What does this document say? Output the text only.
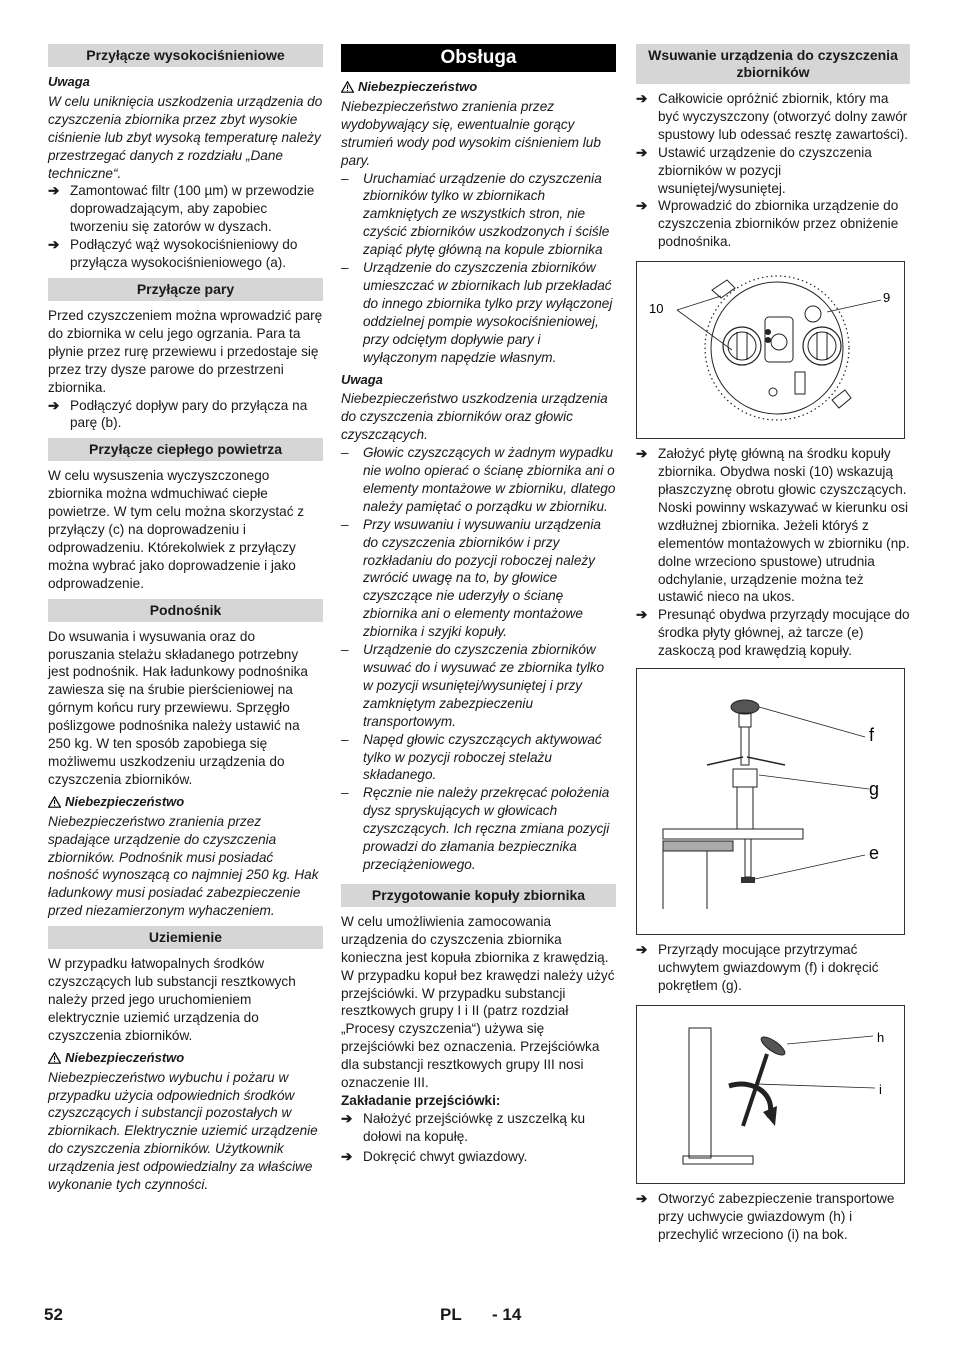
Przyłącze wysokociśnieniowe
Uwaga
W celu uniknięcia uszkodzenia urządzenia do czyszczenia zbiornika przez zbyt wysokie ciśnienie lub zbyt wysoką temperaturę należy przestrzegać danych z rozdziału „Dane techniczne“.
➔ Zamontować filtr (100 µm) w przewodzie doprowadzającym, aby zapobiec tworzeniu się zatorów w dyszach.
➔ Podłączyć wąż wysokociśnieniowy do przyłącza wysokociśnieniowego (a).
Przyłącze pary
Przed czyszczeniem można wprowadzić parę do zbiornika w celu jego ogrzania. Para ta płynie przez rurę przewiewu i przedostaje się przez trzy dysze parowe do przestrzeni zbiornika.
➔ Podłączyć dopływ pary do przyłącza na parę (b).
Przyłącze ciepłego powietrza
W celu wysuszenia wyczyszczonego zbiornika można wdmuchiwać ciepłe powietrze. W tym celu można skorzystać z przyłączy (c) na doprowadzeniu i odprowadzeniu. Którekolwiek z przyłączy można wybrać jako doprowadzenie i jako odprowadzenie.
Podnośnik
Do wsuwania i wysuwania oraz do poruszania stelażu składanego potrzebny jest podnośnik. Hak ładunkowy podnośnika zawiesza się na śrubie pierścieniowej na górnym końcu rury przewiewu. Sprzęgło poślizgowe podnośnika należy ustawić na 250 kg. W ten sposób zapobiega się możliwemu uszkodzeniu urządzenia do czyszczenia zbiorników.
Niebezpieczeństwo
Niebezpieczeństwo zranienia przez spadające urządzenie do czyszczenia zbiorników. Podnośnik musi posiadać nośność wynoszącą co najmniej 250 kg. Hak ładunkowy musi posiadać zabezpieczenie przed niezamierzonym wyhaczeniem.
Uziemienie
W przypadku łatwopalnych środków czyszczących lub substancji resztkowych należy przed jego uruchomieniem elektrycznie uziemić urządzenia do czyszczenia zbiorników.
Niebezpieczeństwo
Niebezpieczeństwo wybuchu i pożaru w przypadku użycia odpowiednich środków czyszczących i substancji pozostałych w zbiornikach. Elektrycznie uziemić urządzenie do czyszczenia zbiorników. Użytkownik urządzenia jest odpowiedzialny za właściwe wykonanie tych czynności.
Obsługa
Niebezpieczeństwo
Niebezpieczeństwo zranienia przez wydobywający się, ewentualnie gorący strumień wody pod wysokim ciśnieniem lub pary.
– Uruchamiać urządzenie do czyszczenia zbiorników tylko w zbiornikach zamkniętych ze wszystkich stron, nie czyścić zbiorników uszkodzonych i ściśle zapiąć płytę główną na kopule zbiornika
– Urządzenie do czyszczenia zbiorników umieszczać w zbiornikach lub przekładać do innego zbiornika tylko przy wyłączonej oddzielnej pompie wysokociśnieniowej, przy odciętym dopływie pary i wyłączonym napędzie własnym.
Uwaga
Niebezpieczeństwo uszkodzenia urządzenia do czyszczenia zbiorników oraz głowic czyszczących.
– Głowic czyszczących w żadnym wypadku nie wolno opierać o ścianę zbiornika ani o elementy montażowe w zbiorniku, dlatego należy pamiętać o porządku w zbiorniku.
– Przy wsuwaniu i wysuwaniu urządzenia do czyszczenia zbiorników i przy rozkładaniu do pozycji roboczej należy zwrócić uwagę na to, by głowice czyszczące nie uderzyły o ścianę zbiornika ani o elementy montażowe zbiornika i szyjki kopuły.
– Urządzenie do czyszczenia zbiorników wsuwać do i wysuwać ze zbiornika tylko w pozycji wsuniętej/wysuniętej i przy zamkniętym zabezpieczeniu transportowym.
– Napęd głowic czyszczących aktywować tylko w pozycji roboczej stelażu składanego.
– Ręcznie nie należy przekręcać położenia dysz spryskujących w głowicach czyszczących. Ich ręczna zmiana pozycji prowadzi do złamania bezpiecznika przeciążeniowego.
Przygotowanie kopuły zbiornika
W celu umożliwienia zamocowania urządzenia do czyszczenia zbiornika konieczna jest kopuła zbiornika z krawędzią. W przypadku kopuł bez krawędzi należy użyć przejściówki. W przypadku substancji resztkowych grupy I i II (patrz rozdział „Procesy czyszczenia“) używa się przejściówki bez oznaczenia. Przejściówka dla substancji resztkowych grupy III nosi oznaczenie III.
Zakładanie przejściówki:
➔ Nałożyć przejściówkę z uszczelką ku dołowi na kopułę.
➔ Dokręcić chwyt gwiazdowy.
Wsuwanie urządzenia do czyszczenia zbiorników
➔ Całkowicie opróżnić zbiornik, który ma być wyczyszczony (otworzyć dolny zawór spustowy lub odessać resztę zawartości).
➔ Ustawić urządzenie do czyszczenia zbiorników w pozycji wsuniętej/wysuniętej.
➔ Wprowadzić do zbiornika urządzenie do czyszczenia zbiorników przez obniżenie podnośnika.
10
9
➔ Założyć płytę główną na środku kopuły zbiornika. Obydwa noski (10) wskazują płaszczyznę obrotu głowic czyszczących. Noski powinny wskazywać w kierunku osi wzdłużnej zbiornika. Jeżeli któryś z elementów montażowych w zbiorniku (np. dolne wrzeciono spustowe) utrudnia odchylanie, urządzenie można też ustawić nieco na ukos.
➔ Presunąć obydwa przyrządy mocujące do środka płyty głównej, aż tarcze (e) zaskoczą pod krawędzią kopuły.
f
g
e
➔ Przyrządy mocujące przytrzymać uchwytem gwiazdowym (f) i dokręcić pokrętłem (g).
h
i
➔ Otworzyć zabezpieczenie transportowe przy uchwycie gwiazdowym (h) i przechylić wrzeciono (i) na bok.
52	PL - 14
